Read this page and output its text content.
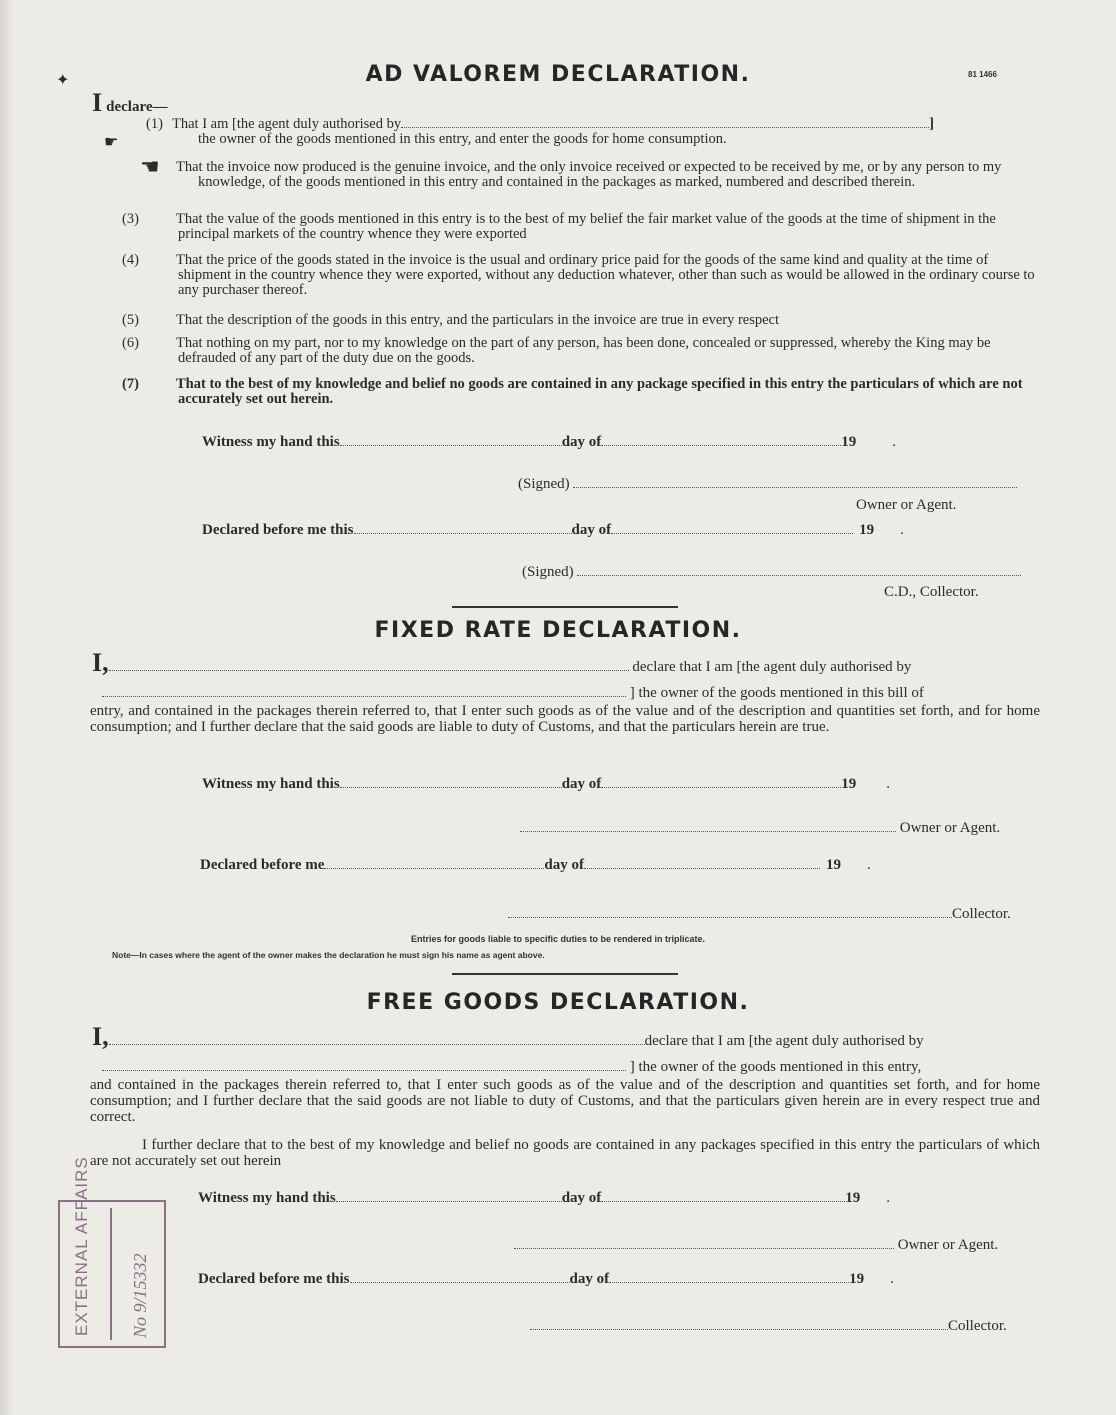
AD VALOREM DECLARATION.	81 1466
✦
I declare—
(1) That I am [the agent duly authorised by	]
the owner of the goods mentioned in this entry, and enter the goods for home consumption.
☛
☚ That the invoice now produced is the genuine invoice, and the only invoice received or expected to be received by me, or by any person to my knowledge, of the goods mentioned in this entry and contained in the packages as marked, numbered and described therein.
(3)	That the value of the goods mentioned in this entry is to the best of my belief the fair market value of the goods at the time of shipment in the principal markets of the country whence they were exported
(4)	That the price of the goods stated in the invoice is the usual and ordinary price paid for the goods of the same kind and quality at the time of shipment in the country whence they were exported, without any deduction whatever, other than such as would be allowed in the ordinary course to any purchaser thereof.
(5)	That the description of the goods in this entry, and the particulars in the invoice are true in every respect
(6)	That nothing on my part, nor to my knowledge on the part of any person, has been done, concealed or suppressed, whereby the King may be defrauded of any part of the duty due on the goods.
(7)	That to the best of my knowledge and belief no goods are contained in any package specified in this entry the particulars of which are not accurately set out herein.
Witness my hand this	day of	19 .
(Signed)
Owner or Agent.
Declared before me this	day of	19 .
(Signed)
C.D., Collector.
FIXED RATE DECLARATION.
I,	declare that I am [the agent duly authorised by
] the owner of the goods mentioned in this bill of
entry, and contained in the packages therein referred to, that I enter such goods as of the value and of the description and quantities set forth, and for home consumption; and I further declare that the said goods are liable to duty of Customs, and that the particulars herein are true.
Witness my hand this	day of	19 .
Owner or Agent.
Declared before me	day of	19 .
Collector.
Entries for goods liable to specific duties to be rendered in triplicate.
Note—In cases where the agent of the owner makes the declaration he must sign his name as agent above.
FREE GOODS DECLARATION.
I,	declare that I am [the agent duly authorised by
] the owner of the goods mentioned in this entry,
and contained in the packages therein referred to, that I enter such goods as of the value and of the description and quantities set forth, and for home consumption; and I further declare that the said goods are not liable to duty of Customs, and that the particulars given herein are in every respect true and correct.
I further declare that to the best of my knowledge and belief no goods are contained in any packages specified in this entry the particulars of which are not accurately set out herein
Witness my hand this	day of	19 .
Owner or Agent.
Declared before me this	day of	19 .
Collector.
EXTERNAL AFFAIRS No 9/15332
